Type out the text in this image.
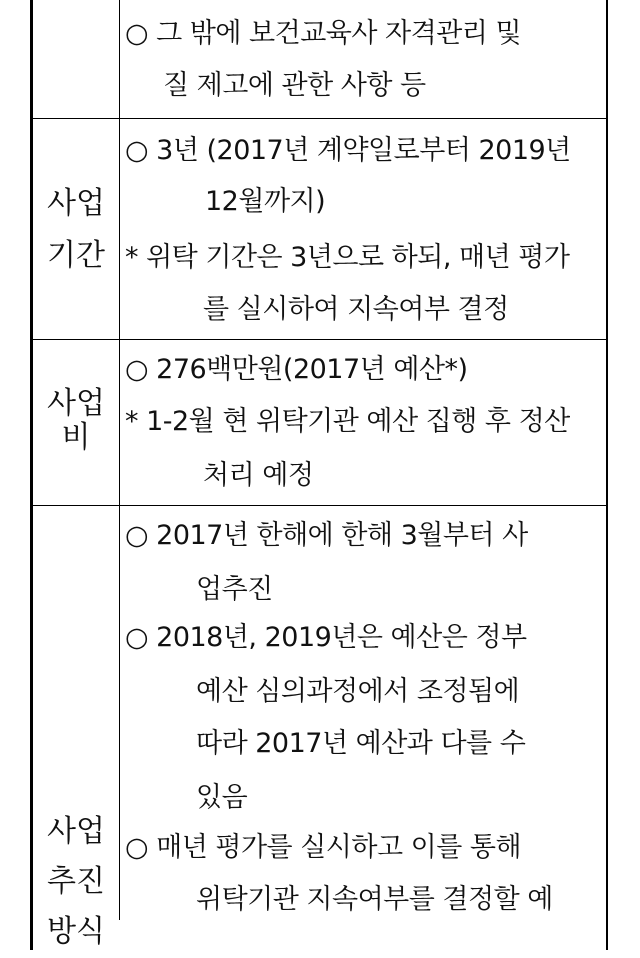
○ 그 밖에 보건교육사 자격관리 및
질 제고에 관한 사항 등
사업
기간
○ 3년 (2017년 계약일로부터 2019년
12월까지)
* 위탁 기간은 3년으로 하되, 매년 평가
를 실시하여 지속여부 결정
사업
비
○ 276백만원(2017년 예산*)
* 1-2월 현 위탁기관 예산 집행 후 정산
처리 예정
사업
추진
방식
○ 2017년 한해에 한해 3월부터 사
업추진
○ 2018년, 2019년은 예산은 정부
예산 심의과정에서 조정됨에
따라 2017년 예산과 다를 수
있음
○ 매년 평가를 실시하고 이를 통해
위탁기관 지속여부를 결정할 예
